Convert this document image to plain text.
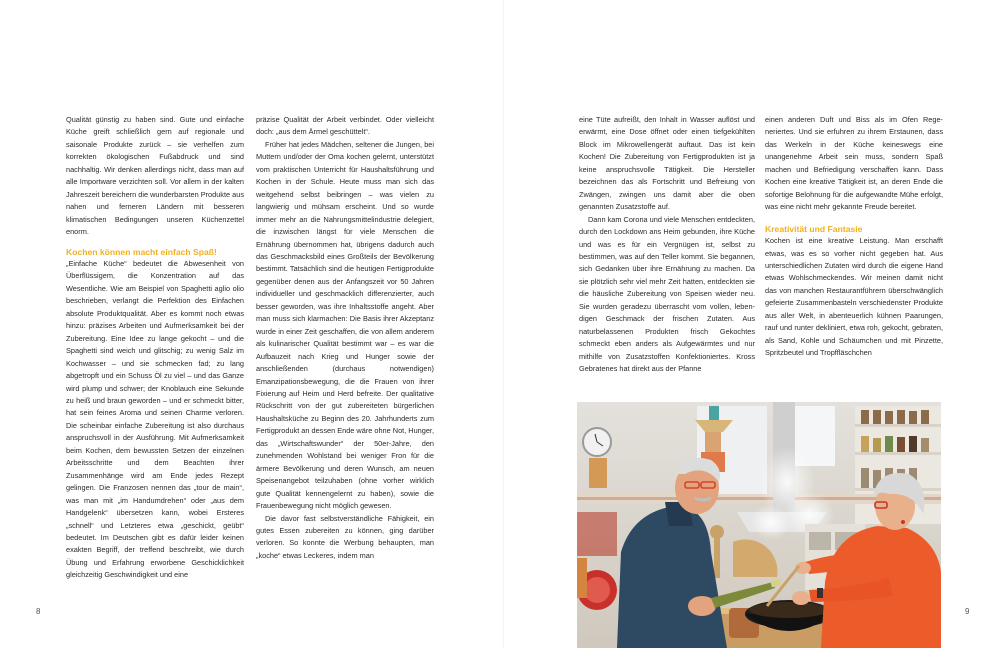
Qualität günstig zu haben sind. Gute und einfache Küche greift schließlich gern auf regionale und saisonale Produkte zurück – sie verhelfen zum korrekten ökologischen Fußabdruck und sind nachhaltig. Wir denken allerdings nicht, dass man auf alle Importware verzichten soll. Vor allem in der kalten Jahreszeit bereichern die wunderbarsten Produkte aus nahen und ferneren Ländern mit besseren klimatischen Bedingungen unseren Küchenzettel enorm.

Kochen können macht einfach Spaß!

„Einfache Küche“ bedeutet die Abwesenheit von Überflüssigem, die Konzentration auf das Wesentliche. Wie am Beispiel von Spaghetti aglio olio beschrieben, verlangt die Perfektion des Einfachen absolute Produktqualität. Aber es kommt noch etwas hinzu: präzises Arbeiten und Aufmerksamkeit bei der Zubereitung. Eine Idee zu lange gekocht – und die Spaghetti sind weich und glitschig; zu wenig Salz im Kochwasser – und sie schmecken fad; zu lang abgetropft und ein Schuss Öl zu viel – und das Ganze wird plump und schwer; der Knoblauch eine Sekunde zu heiß und braun geworden – und er schmeckt bitter, hat sein feines Aroma und seinen Charme verloren. Die scheinbar einfache Zubereitung ist also durchaus anspruchsvoll in der Ausführung. Mit Aufmerksamkeit beim Kochen, dem bewussten Setzen der einzelnen Arbeitsschritte und dem Beachten ihrer Zusammenhänge wird am Ende jedes Rezept gelingen. Die Franzosen nennen das „tour de main“, was man mit „im Handumdrehen“ oder „aus dem Handgelenk“ übersetzen kann, wobei Ersteres „schnell“ und Letzteres etwa „geschickt, geübt“ bedeutet. Im Deutschen gibt es dafür leider keinen exakten Begriff, der treffend beschreibt, wie durch Übung und Erfahrung erworbene Geschicklichkeit gleichzeitig Geschwindigkeit und eine

präzise Qualität der Arbeit verbindet. Oder vielleicht doch: „aus dem Ärmel geschüttelt“.

Früher hat jedes Mädchen, seltener die Jungen, bei Muttern und/oder der Oma kochen gelernt, unterstützt vom praktischen Unterricht für Haushaltsführung und Kochen in der Schule. Heute muss man sich das weitgehend selbst beibringen – was vielen zu langwierig und mühsam erscheint. Und so wurde immer mehr an die Nahrungsmittelindustrie delegiert, die inzwischen längst für viele Menschen die Ernährung übernommen hat, übrigens dadurch auch das Geschmacksbild eines Großteils der Bevölkerung bestimmt. Tatsächlich sind die heutigen Fertigprodukte gegenüber denen aus der Anfangszeit vor 50 Jahren individueller und geschmacklich differenzierter, auch besser geworden, was ihre Inhaltsstoffe angeht. Aber man muss sich klarmachen: Die Basis ihrer Akzeptanz wurde in einer Zeit geschaffen, die von allem anderem als kulinarischer Qualität bestimmt war – es war die Aufbauzeit nach Krieg und Hunger sowie der anschließenden (durchaus notwendigen) Emanzipationsbewegung, die die Frauen von ihrer Fixierung auf Heim und Herd befreite. Der qualitative Rückschritt von der gut zubereiteten bürgerlichen Haushaltsküche zu Beginn des 20. Jahrhunderts zum Fertigprodukt an dessen Ende wäre ohne Not, Hunger, das „Wirtschaftswunder“ der 50er-Jahre, den zunehmenden Wohlstand bei weniger Fron für die ärmere Bevölkerung und deren Wunsch, am neuen Speisenangebot teilzuhaben (ohne vorher wirklich gute Qualität kennengelernt zu haben), sowie die Frauenbewegung nicht möglich gewesen.

Die davor fast selbstverständliche Fähigkeit, ein gutes Essen zubereiten zu können, ging darüber verloren. So konnte die Werbung behaupten, man „koche“ etwas Leckeres, indem man

eine Tüte aufreißt, den Inhalt in Wasser auflöst und erwärmt, eine Dose öffnet oder einen tiefgekühlten Block im Mikrowellengerät auftaut. Das ist kein Kochen! Die Zubereitung von Fertigprodukten ist ja keine anspruchsvolle Tätigkeit. Die Hersteller bezeichnen das als Fortschritt und Befreiung von Zwängen, zwingen uns damit aber die oben genannten Zusatzstoffe auf.

Dann kam Corona und viele Menschen entdeckten, durch den Lockdown ans Heim gebunden, ihre Küche und was es für ein Vergnügen ist, selbst zu bestimmen, was auf den Teller kommt. Sie begannen, sich Gedanken über ihre Ernährung zu machen. Da sie plötzlich sehr viel mehr Zeit hatten, entdeckten sie die häusliche Zubereitung von Speisen wieder neu. Sie wurden geradezu überrascht vom vollen, lebendigen Geschmack der frischen Zutaten. Aus naturbelassenen Produkten frisch Gekochtes schmeckt eben anders als Aufgewärmtes und nur mithilfe von Zusatzstoffen Konfektioniertes. Kross Gebratenes hat direkt aus der Pfanne

einen anderen Duft und Biss als im Ofen Regeneriertes. Und sie erfuhren zu ihrem Erstaunen, dass das Werkeln in der Küche keineswegs eine unangenehme Arbeit sein muss, sondern Spaß machen und Befriedigung verschaffen kann. Dass Kochen eine kreative Tätigkeit ist, an deren Ende die sofortige Belohnung für die aufgewandte Mühe erfolgt, was eine nicht mehr gekannte Freude bereitet.

Kreativität und Fantasie

Kochen ist eine kreative Leistung. Man erschafft etwas, was es so vorher nicht gegeben hat. Aus unterschiedlichen Zutaten wird durch die eigene Hand etwas Wohlschmeckendes. Wir meinen damit nicht das von manchen Restaurantführern überschwänglich gefeierte Zusammenbasteln verschiedenster Produkte aus aller Welt, in abenteuerlich kühnen Paarungen, rauf und runter dekliniert, etwa roh, gekocht, gebraten, als Sand, Kohle und Schäumchen und mit Pinzette, Spritzbeutel und Tropffläschchen

8	9
